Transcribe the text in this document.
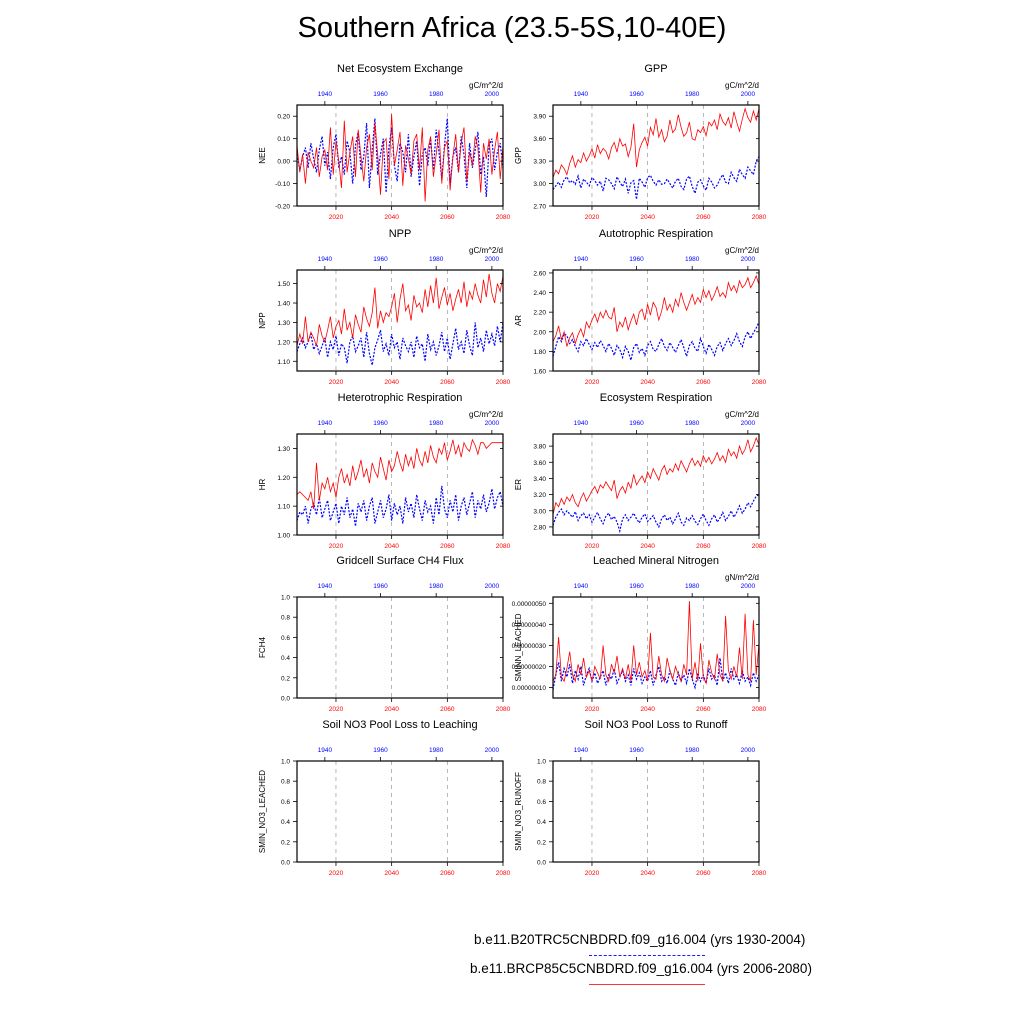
Southern Africa (23.5-5S,10-40E)
Net Ecosystem Exchange
gC/m^2/d
NEE
-0.20
-0.10
0.00
0.10
0.20
2020	2040	2060	2080
1940	1960	1980	2000
GPP
gC/m^2/d
GPP
2.70
3.00
3.30
3.60
3.90
2020	2040	2060	2080
1940	1960	1980	2000
NPP
gC/m^2/d
NPP
1.10
1.20
1.30
1.40
1.50
2020	2040	2060	2080
1940	1960	1980	2000
Autotrophic Respiration
gC/m^2/d
AR
1.60
1.80
2.00
2.20
2.40
2.60
2020	2040	2060	2080
1940	1960	1980	2000
Heterotrophic Respiration
gC/m^2/d
HR
1.00
1.10
1.20
1.30
2020	2040	2060	2080
1940	1960	1980	2000
Ecosystem Respiration
gC/m^2/d
ER
2.80
3.00
3.20
3.40
3.60
3.80
2020	2040	2060	2080
1940	1960	1980	2000
Gridcell Surface CH4 Flux
FCH4
0.0
0.2
0.4
0.6
0.8
1.0
2020	2040	2060	2080
1940	1960	1980	2000
Leached Mineral Nitrogen
gN/m^2/d
SMINN_LEACHED
0.00000010
0.00000020
0.00000030
0.00000040
0.00000050
2020	2040	2060	2080
1940	1960	1980	2000
Soil NO3 Pool Loss to Leaching
SMIN_NO3_LEACHED
0.0
0.2
0.4
0.6
0.8
1.0
2020	2040	2060	2080
1940	1960	1980	2000
Soil NO3 Pool Loss to Runoff
SMIN_NO3_RUNOFF
0.0
0.2
0.4
0.6
0.8
1.0
2020	2040	2060	2080
1940	1960	1980	2000
b.e11.B20TRC5CNBDRD.f09_g16.004 (yrs 1930-2004)
b.e11.BRCP85C5CNBDRD.f09_g16.004 (yrs 2006-2080)
